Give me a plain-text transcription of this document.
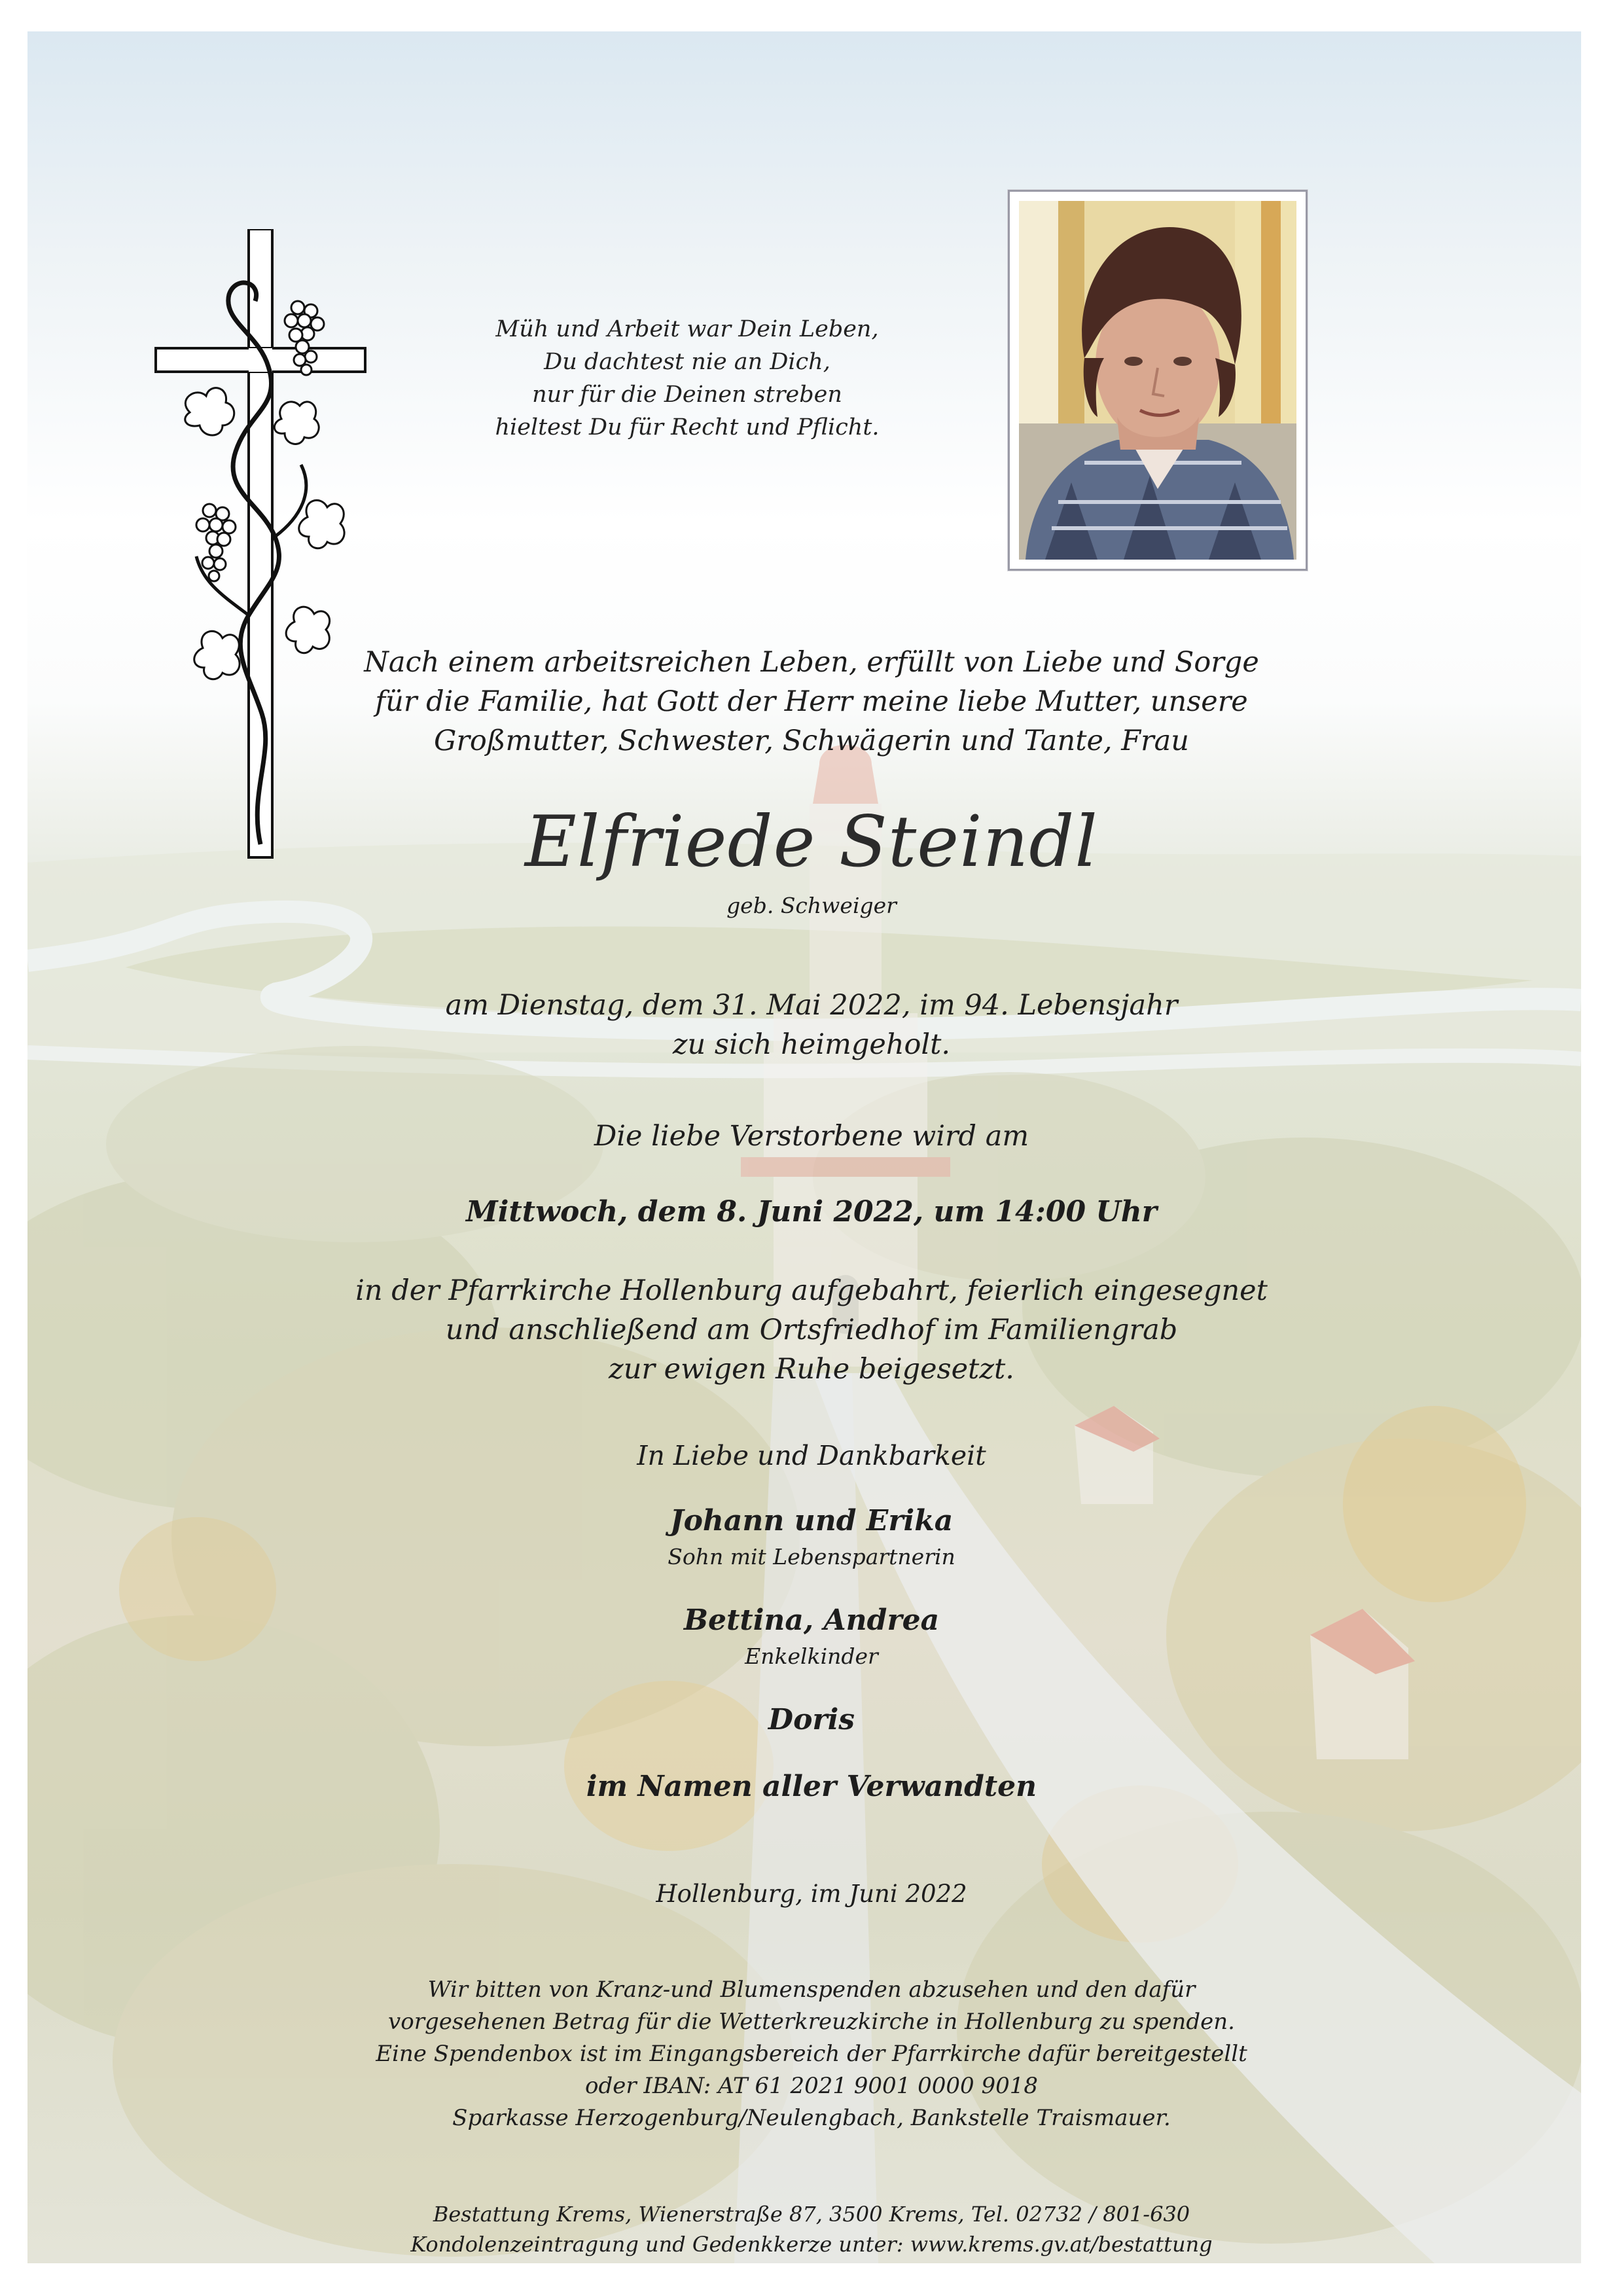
Müh und Arbeit war Dein Leben,
Du dachtest nie an Dich,
nur für die Deinen streben
hieltest Du für Recht und Pflicht.
Nach einem arbeitsreichen Leben, erfüllt von Liebe und Sorge
für die Familie, hat Gott der Herr meine liebe Mutter, unsere
Großmutter, Schwester, Schwägerin und Tante, Frau
Elfriede Steindl
geb. Schweiger
am Dienstag, dem 31. Mai 2022, im 94. Lebensjahr
zu sich heimgeholt.
Die liebe Verstorbene wird am
Mittwoch, dem 8. Juni 2022, um 14:00 Uhr
in der Pfarrkirche Hollenburg aufgebahrt, feierlich eingesegnet
und anschließend am Ortsfriedhof im Familiengrab
zur ewigen Ruhe beigesetzt.
In Liebe und Dankbarkeit
Johann und Erika
Sohn mit Lebenspartnerin
Bettina, Andrea
Enkelkinder
Doris
im Namen aller Verwandten
Hollenburg, im Juni 2022
Wir bitten von Kranz-und Blumenspenden abzusehen und den dafür
vorgesehenen Betrag für die Wetterkreuzkirche in Hollenburg zu spenden.
Eine Spendenbox ist im Eingangsbereich der Pfarrkirche dafür bereitgestellt
oder IBAN: AT 61 2021 9001 0000 9018
Sparkasse Herzogenburg/Neulengbach, Bankstelle Traismauer.
Bestattung Krems, Wienerstraße 87, 3500 Krems, Tel. 02732 / 801-630
Kondolenzeintragung und Gedenkkerze unter: www.krems.gv.at/bestattung
